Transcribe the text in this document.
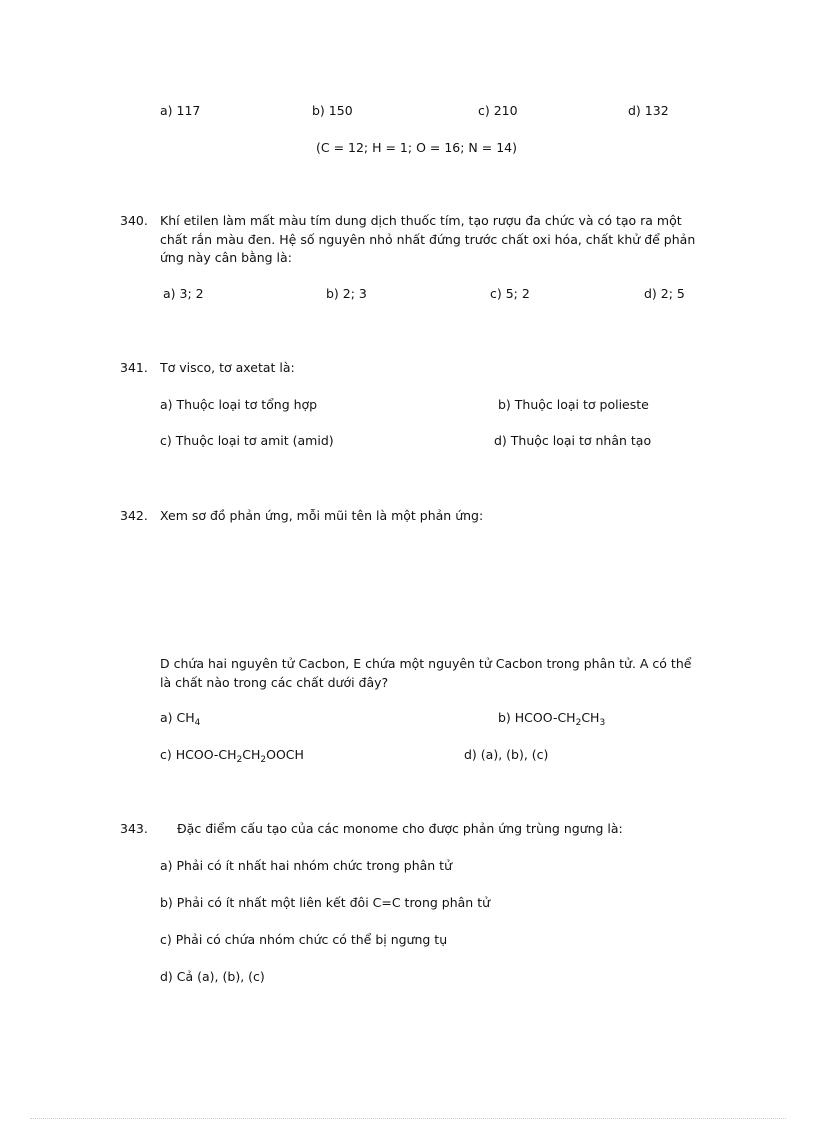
a) 117	b) 150	c) 210	d) 132
(C = 12; H = 1; O = 16; N = 14)
340. Khí etilen làm mất màu tím dung dịch thuốc tím, tạo rượu đa chức và có tạo ra một chất rắn màu đen. Hệ số nguyên nhỏ nhất đứng trước chất oxi hóa, chất khử để phản ứng này cân bằng là:
a) 3; 2	b) 2; 3	c) 5; 2	d) 2; 5
341. Tơ visco, tơ axetat là:
a) Thuộc loại tơ tổng hợp	b) Thuộc loại tơ polieste
c) Thuộc loại tơ amit (amid)	d) Thuộc loại tơ nhân tạo
342. Xem sơ đồ phản ứng, mỗi mũi tên là một phản ứng:
D chứa hai nguyên tử Cacbon, E chứa một nguyên tử Cacbon trong phân tử. A có thể là chất nào trong các chất dưới đây?
a) $CH_4$	b) HCOO-$CH_2CH_3$
c) HCOO-$CH_2CH_2OOCH$	d) (a), (b), (c)
343. Đặc điểm cấu tạo của các monome cho được phản ứng trùng ngưng là:
a) Phải có ít nhất hai nhóm chức trong phân tử
b) Phải có ít nhất một liên kết đôi C=C trong phân tử
c) Phải có chứa nhóm chức có thể bị ngưng tụ
d) Cả (a), (b), (c)
